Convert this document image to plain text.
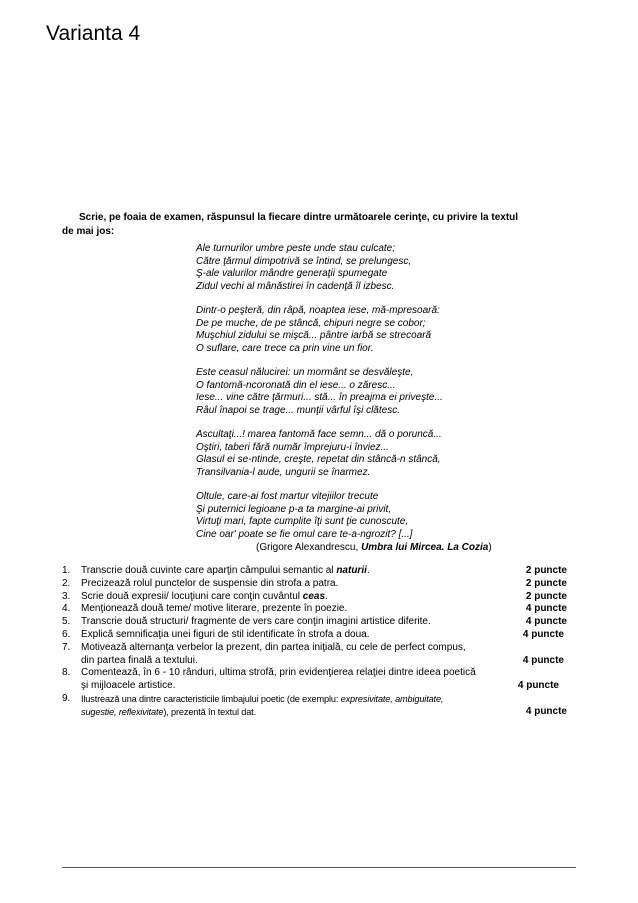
Varianta 4
Scrie, pe foaia de examen, răspunsul la fiecare dintre următoarele cerinţe, cu privire la textul
de mai jos:
Ale turnurilor umbre peste unde stau culcate;
Către ţărmul dimpotrivă se întind, se prelungesc,
Ş-ale valurilor mândre generaţii spumegate
Zidul vechi al mânăstirei în cadenţă îl izbesc.
Dintr-o peşteră, din râpă, noaptea iese, mă-mpresoară:
De pe muche, de pe stâncă, chipuri negre se cobor;
Muşchiul zidului se mişcă... pântre iarbă se strecoară
O suflare, care trece ca prin vine un fior.
Este ceasul nălucirei: un mormânt se desvăleşte,
O fantomă-ncoronată din el iese... o zăresc...
Iese... vine către ţărmuri... stă... în preajma ei priveşte...
Râul înapoi se trage... munţii vârful îşi clătesc.
Ascultaţi...! marea fantomă face semn... dă o poruncă...
Oştiri, taberi fără număr împrejuru-i înviez...
Glasul ei se-ntinde, creşte, repetat din stâncă-n stâncă,
Transilvania-l aude, ungurii se înarmez.
Oltule, care-ai fost martur vitejiilor trecute
Şi puternici legioane p-a ta margine-ai privit,
Virtuţi mari, fapte cumplite îţi sunt ţie cunoscute,
Cine oar' poate se fie omul care te-a-ngrozit? [...]
(Grigore Alexandrescu, Umbra lui Mircea. La Cozia)
1. Transcrie două cuvinte care aparţin câmpului semantic al naturii.	2 puncte
2. Precizează rolul punctelor de suspensie din strofa a patra.	2 puncte
3. Scrie două expresii/ locuţiuni care conţin cuvântul ceas.	2 puncte
4. Menţionează două teme/ motive literare, prezente în poezie.	4 puncte
5. Transcrie două structuri/ fragmente de vers care conţin imagini artistice diferite.	4 puncte
6. Explică semnificaţia unei figuri de stil identificate în strofa a doua.	4 puncte
7. Motivează alternanţa verbelor la prezent, din partea iniţială, cu cele de perfect compus,
din partea finală a textului.	4 puncte
8. Comentează, în 6 - 10 rânduri, ultima strofă, prin evidenţierea relaţiei dintre ideea poetică
şi mijloacele artistice.	4 puncte
9. Ilustrează una dintre caracteristicile limbajului poetic (de exemplu: expresivitate, ambiguitate,
sugestie, reflexivitate), prezentă în textul dat.	4 puncte
